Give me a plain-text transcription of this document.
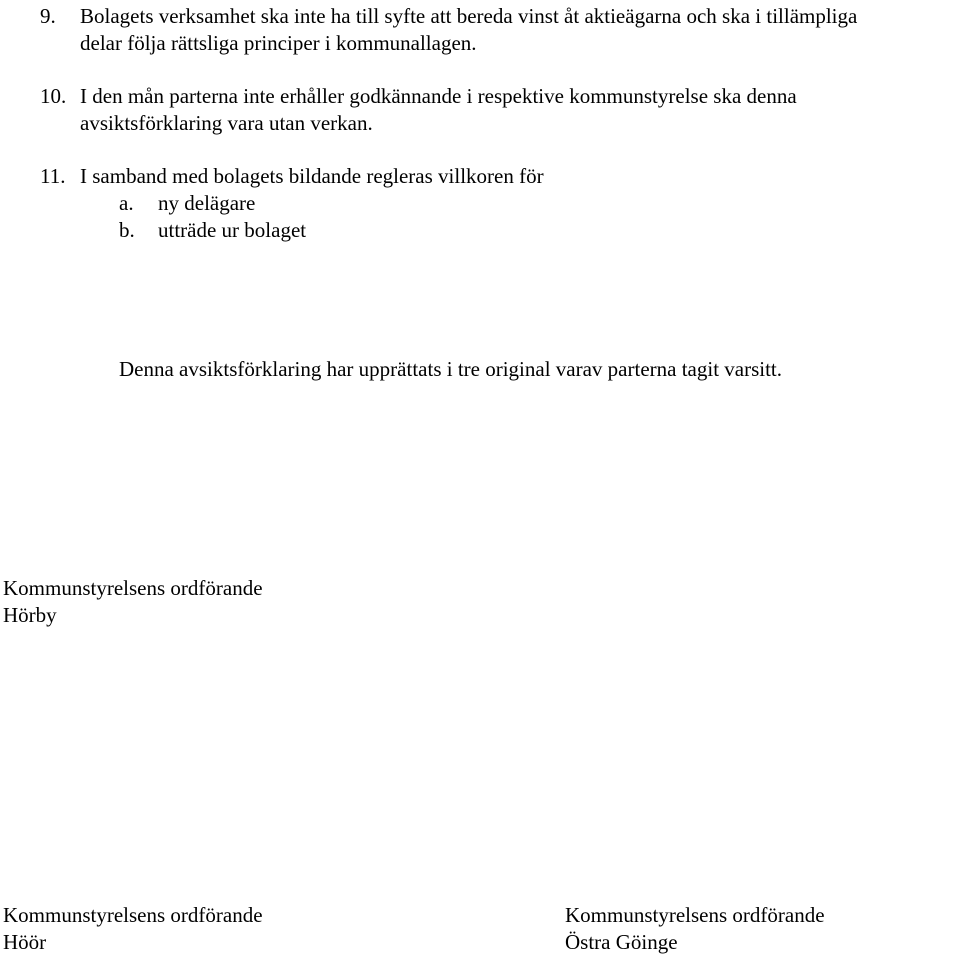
9. Bolagets verksamhet ska inte ha till syfte att bereda vinst åt aktieägarna och ska i tillämpliga

delar följa rättsliga principer i kommunallagen.

10. I den mån parterna inte erhåller godkännande i respektive kommunstyrelse ska denna

avsiktsförklaring vara utan verkan.

11. I samband med bolagets bildande regleras villkoren för

a. ny delägare

b. utträde ur bolaget

Denna avsiktsförklaring har upprättats i tre original varav parterna tagit varsitt.

Kommunstyrelsens ordförande

Hörby

Kommunstyrelsens ordförande

Höör

Kommunstyrelsens ordförande

Östra Göinge
